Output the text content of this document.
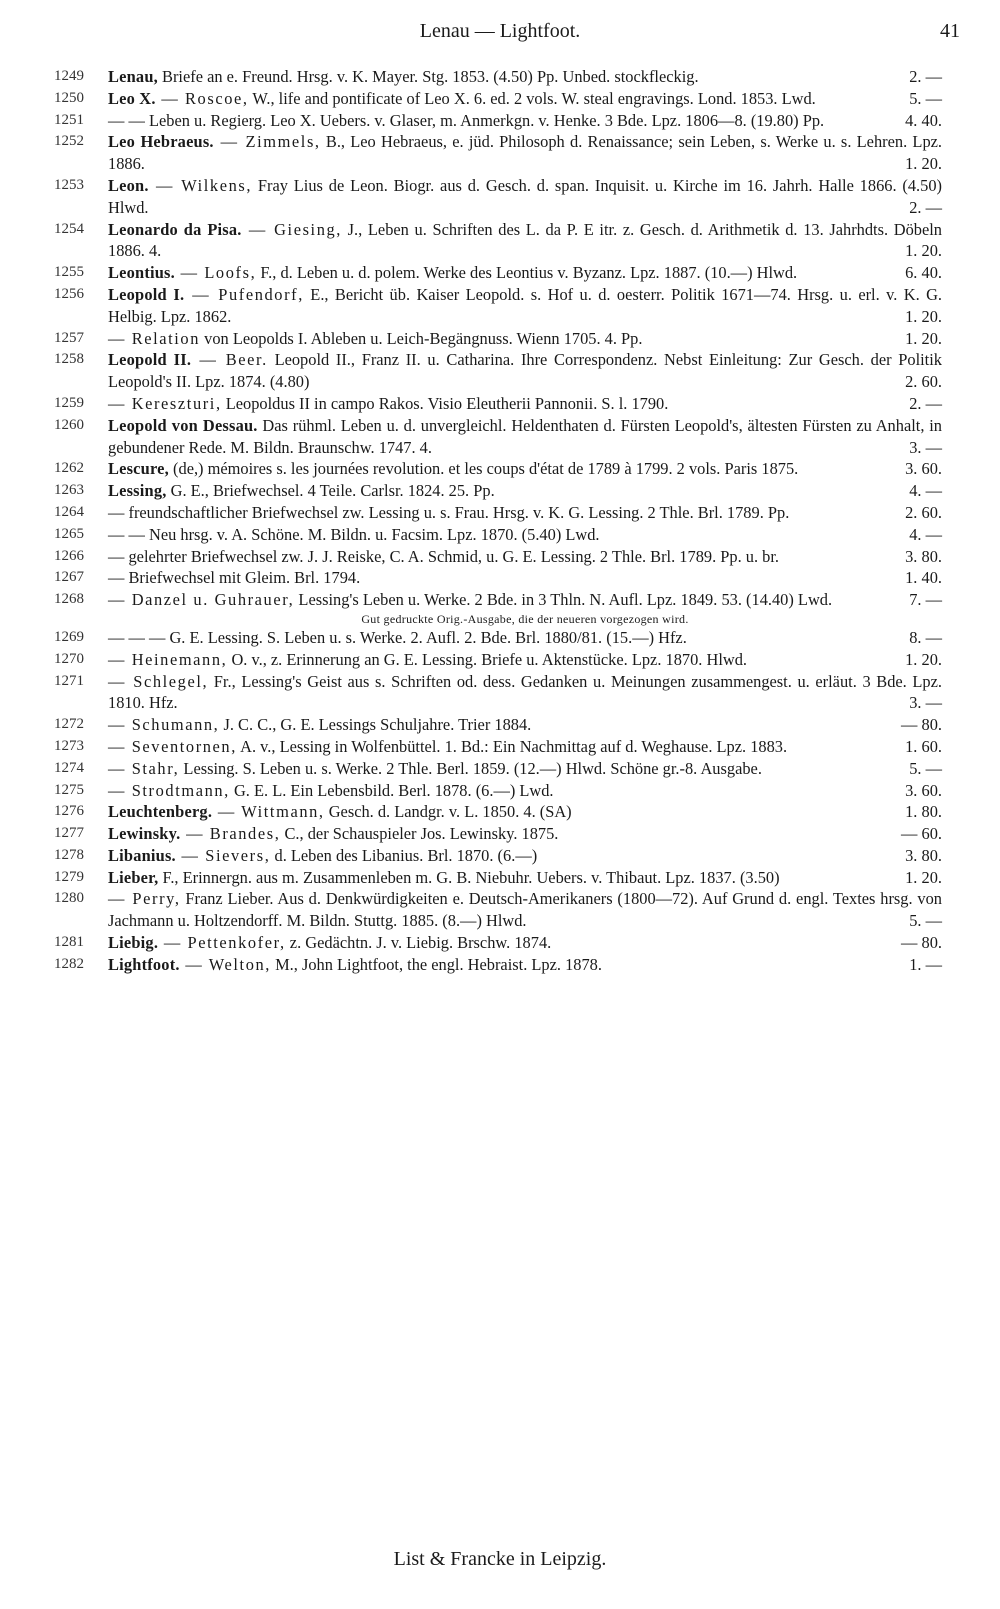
Lenau — Lightfoot.	41
1249	Lenau, Briefe an e. Freund. Hrsg. v. K. Mayer. Stg. 1853. (4.50) Pp. Unbed. stockfleckig.	2. —
1250	Leo X. — Roscoe, W., life and pontificate of Leo X. 6. ed. 2 vols. W. steal engravings. Lond. 1853. Lwd.	5. —
1251	— — Leben u. Regierg. Leo X. Uebers. v. Glaser, m. Anmerkgn. v. Henke. 3 Bde. Lpz. 1806—8. (19.80) Pp.	4. 40.
1252	Leo Hebraeus. — Zimmels, B., Leo Hebraeus, e. jüd. Philosoph d. Renaissance; sein Leben, s. Werke u. s. Lehren. Lpz. 1886.	1. 20.
1253	Leon. — Wilkens, Fray Lius de Leon. Biogr. aus d. Gesch. d. span. Inquisit. u. Kirche im 16. Jahrh. Halle 1866. (4.50) Hlwd.	2. —
1254	Leonardo da Pisa. — Giesing, J., Leben u. Schriften des L. da P. E itr. z. Gesch. d. Arithmetik d. 13. Jahrhdts. Döbeln 1886. 4.	1. 20.
1255	Leontius. — Loofs, F., d. Leben u. d. polem. Werke des Leontius v. Byzanz. Lpz. 1887. (10.—) Hlwd.	6. 40.
1256	Leopold I. — Pufendorf, E., Bericht üb. Kaiser Leopold. s. Hof u. d. oesterr. Politik 1671—74. Hrsg. u. erl. v. K. G. Helbig. Lpz. 1862.	1. 20.
1257	— Relation von Leopolds I. Ableben u. Leich-Begängnuss. Wienn 1705. 4. Pp.	1. 20.
1258	Leopold II. — Beer. Leopold II., Franz II. u. Catharina. Ihre Correspondenz. Nebst Einleitung: Zur Gesch. der Politik Leopold's II. Lpz. 1874. (4.80)	2. 60.
1259	— Kereszturi, Leopoldus II in campo Rakos. Visio Eleutherii Pannonii. S. l. 1790.	2. —
1260	Leopold von Dessau. Das rühml. Leben u. d. unvergleichl. Heldenthaten d. Fürsten Leopold's, ältesten Fürsten zu Anhalt, in gebundener Rede. M. Bildn. Braunschw. 1747. 4.	3. —
1262	Lescure, (de,) mémoires s. les journées revolution. et les coups d'état de 1789 à 1799. 2 vols. Paris 1875.	3. 60.
1263	Lessing, G. E., Briefwechsel. 4 Teile. Carlsr. 1824. 25. Pp.	4. —
1264	— freundschaftlicher Briefwechsel zw. Lessing u. s. Frau. Hrsg. v. K. G. Lessing. 2 Thle. Brl. 1789. Pp.	2. 60.
1265	— — Neu hrsg. v. A. Schöne. M. Bildn. u. Facsim. Lpz. 1870. (5.40) Lwd.	4. —
1266	— gelehrter Briefwechsel zw. J. J. Reiske, C. A. Schmid, u. G. E. Lessing. 2 Thle. Brl. 1789. Pp. u. br.	3. 80.
1267	— Briefwechsel mit Gleim. Brl. 1794.	1. 40.
1268	— Danzel u. Guhrauer, Lessing's Leben u. Werke. 2 Bde. in 3 Thln. N. Aufl. Lpz. 1849. 53. (14.40) Lwd.	7. —
Gut gedruckte Orig.-Ausgabe, die der neueren vorgezogen wird.
1269	— — — G. E. Lessing. S. Leben u. s. Werke. 2. Aufl. 2. Bde. Brl. 1880/81. (15.—) Hfz.	8. —
1270	— Heinemann, O. v., z. Erinnerung an G. E. Lessing. Briefe u. Aktenstücke. Lpz. 1870. Hlwd.	1. 20.
1271	— Schlegel, Fr., Lessing's Geist aus s. Schriften od. dess. Gedanken u. Meinungen zusammengest. u. erläut. 3 Bde. Lpz. 1810. Hfz.	3. —
1272	— Schumann, J. C. C., G. E. Lessings Schuljahre. Trier 1884.	— 80.
1273	— Seventornen, A. v., Lessing in Wolfenbüttel. 1. Bd.: Ein Nachmittag auf d. Weghause. Lpz. 1883.	1. 60.
1274	— Stahr, Lessing. S. Leben u. s. Werke. 2 Thle. Berl. 1859. (12.—) Hlwd. Schöne gr.-8. Ausgabe.	5. —
1275	— Strodtmann, G. E. L. Ein Lebensbild. Berl. 1878. (6.—) Lwd.	3. 60.
1276	Leuchtenberg. — Wittmann, Gesch. d. Landgr. v. L. 1850. 4. (SA)	1. 80.
1277	Lewinsky. — Brandes, C., der Schauspieler Jos. Lewinsky. 1875.	— 60.
1278	Libanius. — Sievers, d. Leben des Libanius. Brl. 1870. (6.—)	3. 80.
1279	Lieber, F., Erinnergn. aus m. Zusammenleben m. G. B. Niebuhr. Uebers. v. Thibaut. Lpz. 1837. (3.50)	1. 20.
1280	— Perry, Franz Lieber. Aus d. Denkwürdigkeiten e. Deutsch-Amerikaners (1800—72). Auf Grund d. engl. Textes hrsg. von Jachmann u. Holtzendorff. M. Bildn. Stuttg. 1885. (8.—) Hlwd.	5. —
1281	Liebig. — Pettenkofer, z. Gedächtn. J. v. Liebig. Brschw. 1874.	— 80.
1282	Lightfoot. — Welton, M., John Lightfoot, the engl. Hebraist. Lpz. 1878.	1. —
List & Francke in Leipzig.
